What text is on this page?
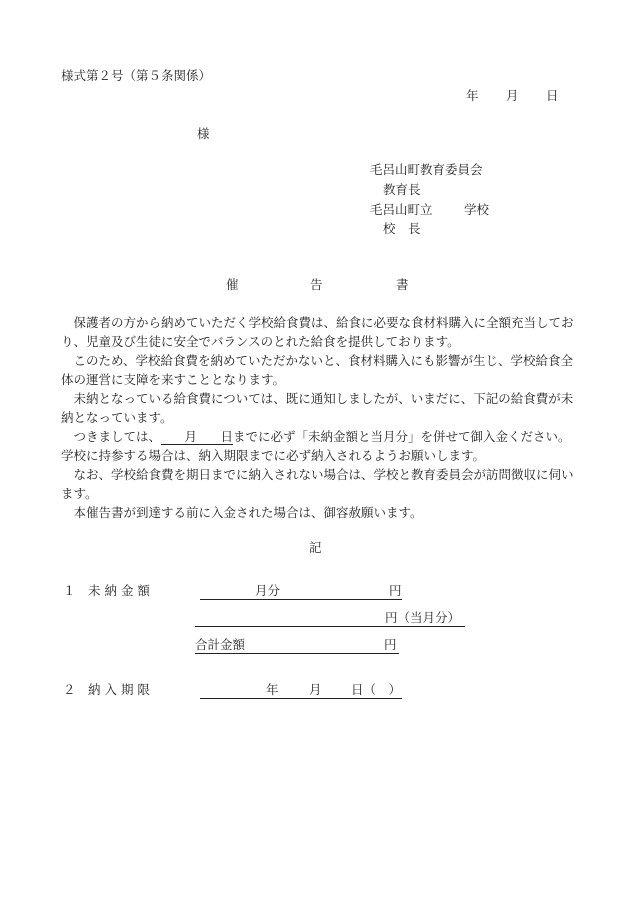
様式第２号（第５条関係）
年 月 日
様
毛呂山町教育委員会
教育長
毛呂山町立	学校
校　長
催	告	書

保護者の方から納めていただく学校給食費は、給食に必要な食材料購入に全額充当しており、児童及び生徒に安全でバランスのとれた給食を提供しております。

このため、学校給食費を納めていただかないと、食材料購入にも影響が生じ、学校給食全体の運営に支障を来すこととなります。

未納となっている給食費については、既に通知しましたが、いまだに、下記の給食費が未納となっています。

つきましては、 月 日までに必ず「未納金額と当月分」を併せて御入金ください。学校に持参する場合は、納入期限までに必ず納入されるようお願いします。

なお、学校給食費を期日までに納入されない場合は、学校と教育委員会が訪問徴収に伺います。

本催告書が到達する前に入金された場合は、御容赦願います。

記
１ 未 納 金 額	月分	円
円（当月分）
合計金額	円
２ 納 入 期 限	年 月 日（　）
